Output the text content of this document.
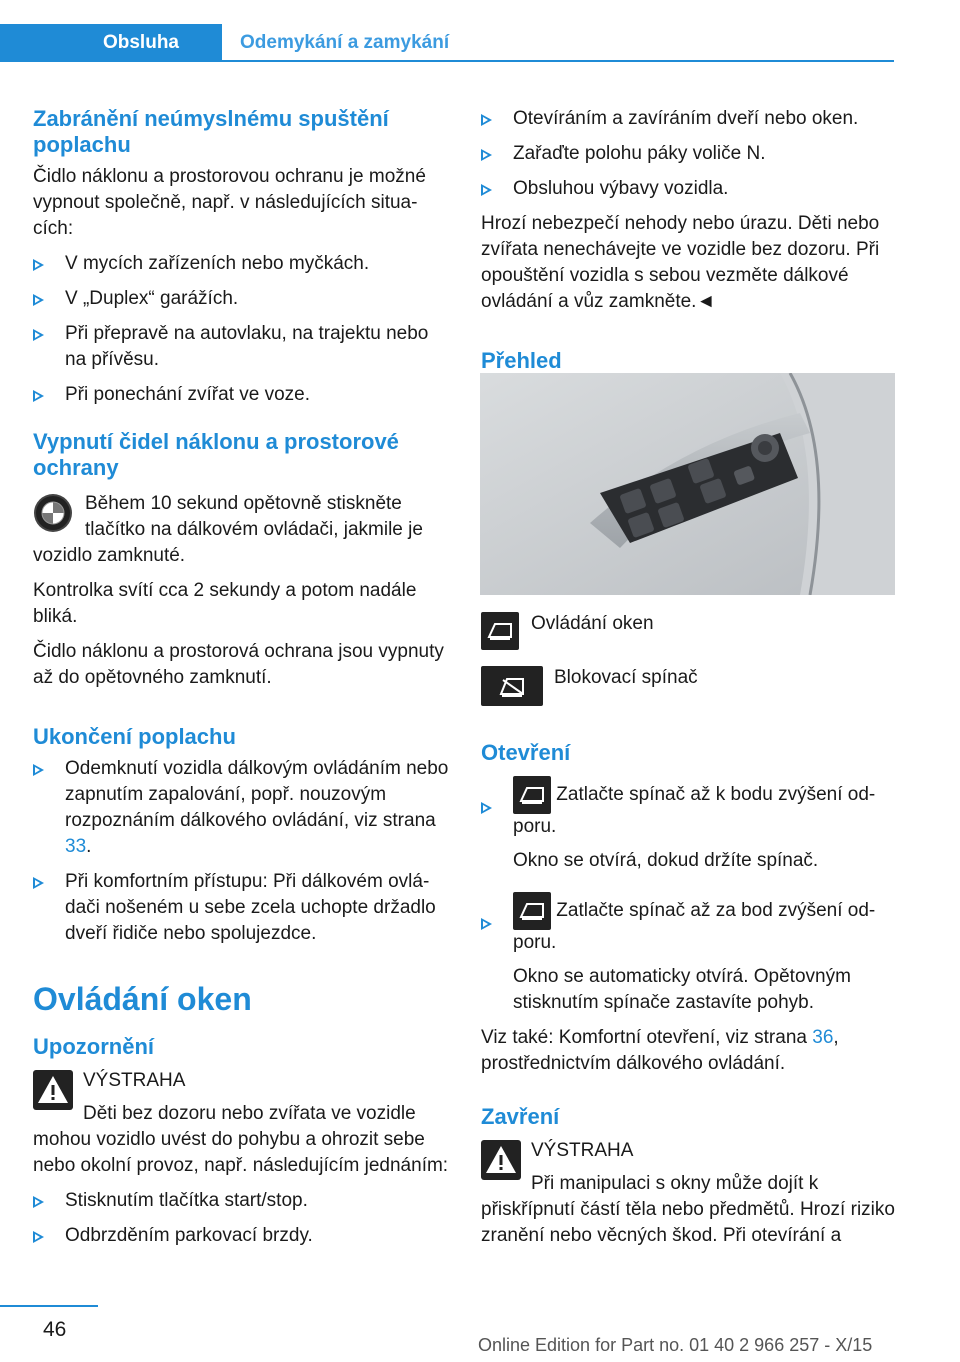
Obsluha	Odemykání a zamykání
Zabránění neúmyslnému spuštění poplachu

Čidlo náklonu a prostorovou ochranu je možné vypnout společně, např. v následujících situacích:

V mycích zařízeních nebo myčkách.
V „Duplex“ garážích.
Při přepravě na autovlaku, na trajektu nebo na přívěsu.
Při ponechání zvířat ve voze.
Vypnutí čidel náklonu a prostorové ochrany

Během 10 sekund opětovně stiskněte tlačítko na dálkovém ovládači, jakmile je vozidlo zamknuté.

Kontrolka svítí cca 2 sekundy a potom nadále bliká.

Čidlo náklonu a prostorová ochrana jsou vypnuty až do opětovného zamknutí.

Ukončení poplachu
Odemknutí vozidla dálkovým ovládáním nebo zapnutím zapalování, popř. nouzovým rozpoznáním dálkového ovládání, viz strana 33.
Při komfortním přístupu: Při dálkovém ovládači nošeném u sebe zcela uchopte držadlo dveří řidiče nebo spolujezdce.
Ovládání oken
Upozornění
VÝSTRAHA

Děti bez dozoru nebo zvířata ve vozidle mohou vozidlo uvést do pohybu a ohrozit sebe nebo okolní provoz, např. následujícím jednáním:

Stisknutím tlačítka start/stop.
Odbrzděním parkovací brzdy.
Otevíráním a zavíráním dveří nebo oken.
Zařaďte polohu páky voliče N.
Obsluhou výbavy vozidla.

Hrozí nebezpečí nehody nebo úrazu. Děti nebo zvířata nenechávejte ve vozidle bez dozoru. Při opouštění vozidla s sebou vezměte dálkové ovládání a vůz zamkněte.◄

Přehled
Ovládání oken
Blokovací spínač
Otevření
Zatlačte spínač až k bodu zvýšení odporu.
Okno se otvírá, dokud držíte spínač.
Zatlačte spínač až za bod zvýšení odporu.
Okno se automaticky otvírá. Opětovným stisknutím spínače zastavíte pohyb.

Viz také: Komfortní otevření, viz strana 36, prostřednictvím dálkového ovládání.

Zavření
VÝSTRAHA

Při manipulaci s okny může dojít k přiskřípnutí částí těla nebo předmětů. Hrozí riziko zranění nebo věcných škod. Při otevírání a

46
Online Edition for Part no. 01 40 2 966 257 - X/15
